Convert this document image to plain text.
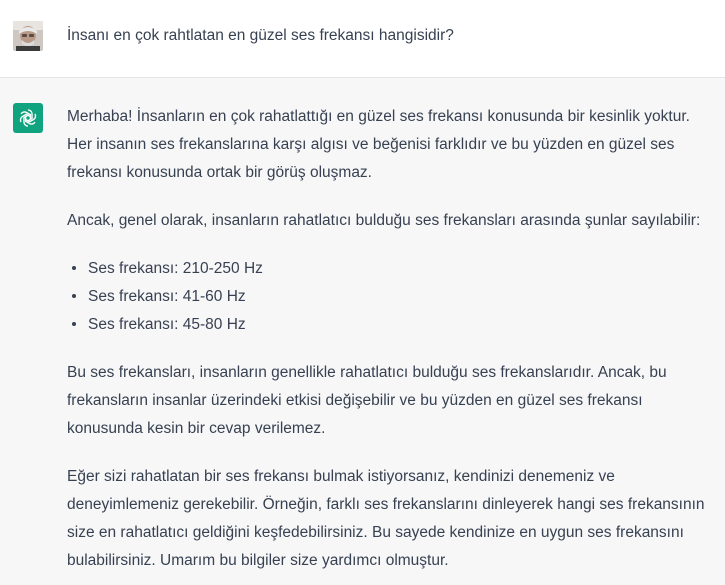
İnsanı en çok rahtlatan en güzel ses frekansı hangisidir?

Merhaba! İnsanların en çok rahatlattığı en güzel ses frekansı konusunda bir kesinlik yoktur. Her insanın ses frekanslarına karşı algısı ve beğenisi farklıdır ve bu yüzden en güzel ses frekansı konusunda ortak bir görüş oluşmaz.

Ancak, genel olarak, insanların rahatlatıcı bulduğu ses frekansları arasında şunlar sayılabilir:

Ses frekansı: 210-250 Hz
Ses frekansı: 41-60 Hz
Ses frekansı: 45-80 Hz

Bu ses frekansları, insanların genellikle rahatlatıcı bulduğu ses frekanslarıdır. Ancak, bu frekansların insanlar üzerindeki etkisi değişebilir ve bu yüzden en güzel ses frekansı konusunda kesin bir cevap verilemez.

Eğer sizi rahatlatan bir ses frekansı bulmak istiyorsanız, kendinizi denemeniz ve deneyimlemeniz gerekebilir. Örneğin, farklı ses frekanslarını dinleyerek hangi ses frekansının size en rahatlatıcı geldiğini keşfedebilirsiniz. Bu sayede kendinize en uygun ses frekansını bulabilirsiniz. Umarım bu bilgiler size yardımcı olmuştur.
